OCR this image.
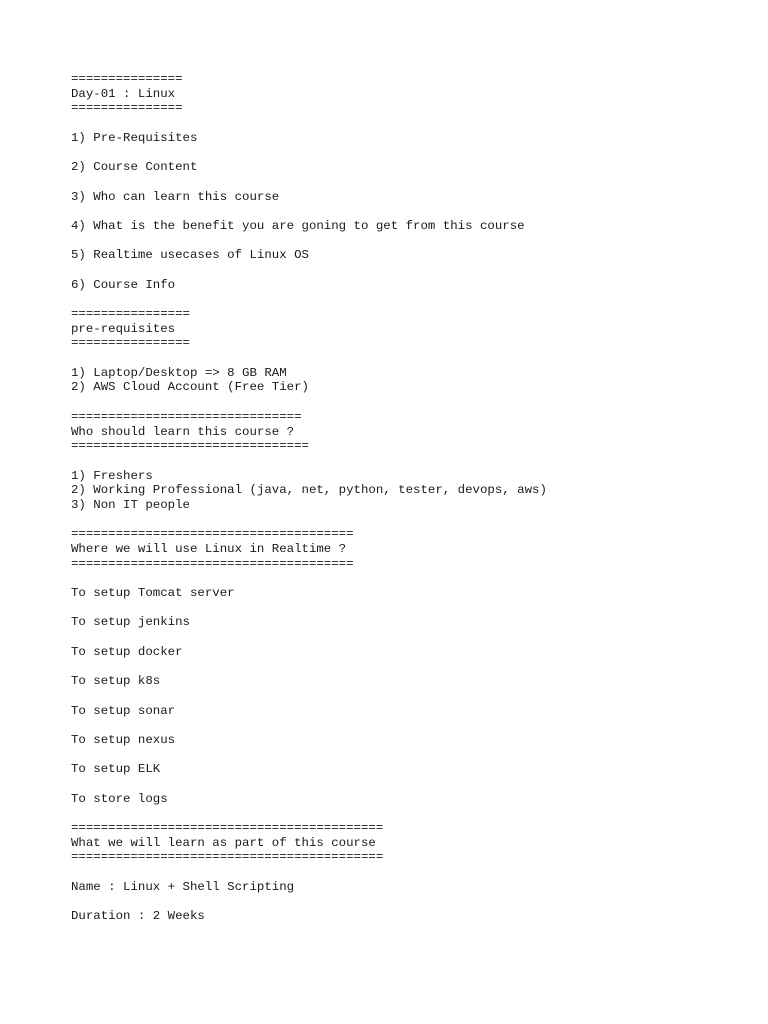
===============
Day-01 : Linux
===============
1) Pre-Requisites
2) Course Content
3) Who can learn this course
4) What is the benefit you are goning to get from this course
5) Realtime usecases of Linux OS
6) Course Info
================
pre-requisites
================
1) Laptop/Desktop => 8 GB RAM
2) AWS Cloud Account (Free Tier)
===============================
Who should learn this course ?
================================
1) Freshers
2) Working Professional (java, net, python, tester, devops, aws)
3) Non IT people
======================================
Where we will use Linux in Realtime ?
======================================
To setup Tomcat server
To setup jenkins
To setup docker
To setup k8s
To setup sonar
To setup nexus
To setup ELK
To store logs
==========================================
What we will learn as part of this course
==========================================
Name : Linux + Shell Scripting
Duration : 2 Weeks
